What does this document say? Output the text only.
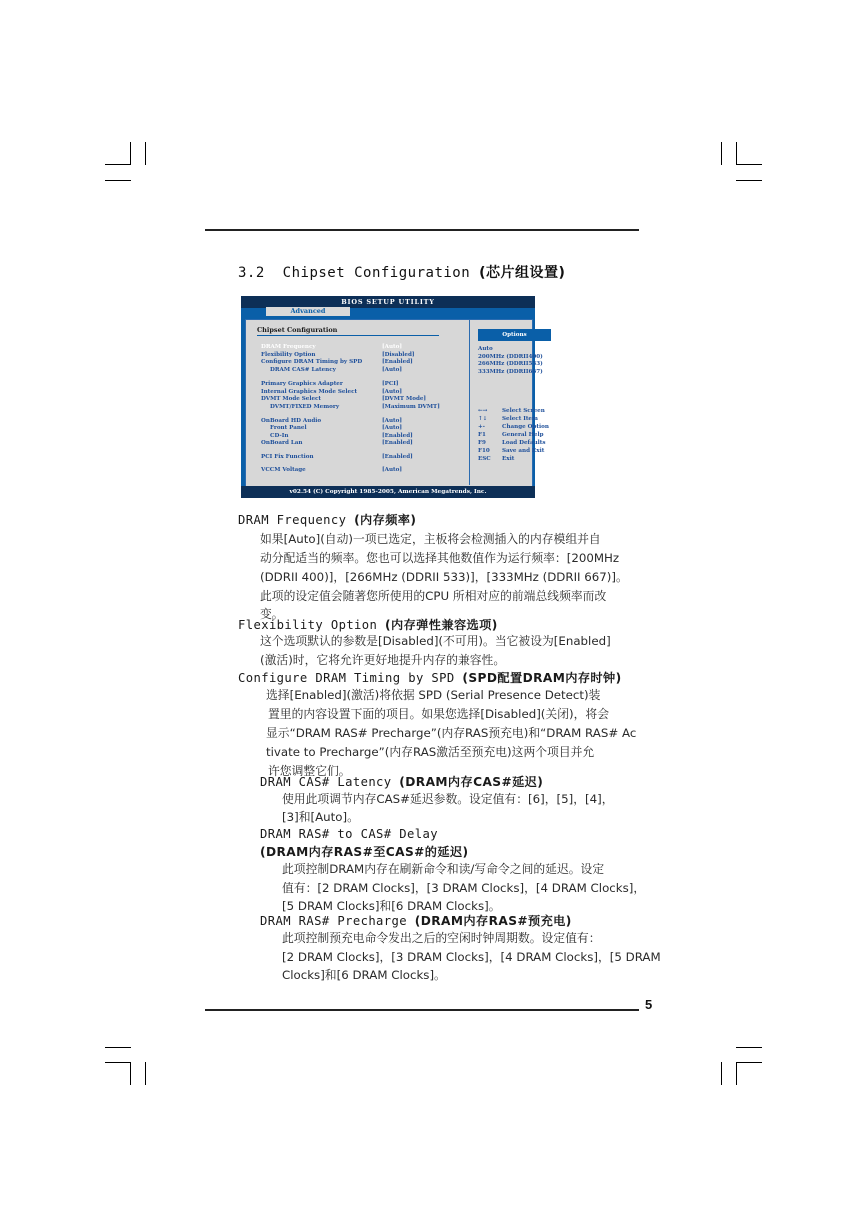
3.2 Chipset Configuration (芯片组设置)
BIOS SETUP UTILITY
Advanced
Chipset Configuration
DRAM Frequency	[Auto]
Flexibility Option	[Disabled]
Configure DRAM Timing by SPD	[Enabled]
DRAM CAS# Latency	[Auto]
Primary Graphics Adapter	[PCI]
Internal Graphics Mode Select	[Auto]
DVMT Mode Select	[DVMT Mode]
DVMT/FIXED Memory	[Maximum DVMT]
OnBoard HD Audio	[Auto]
Front Panel	[Auto]
CD-In	[Enabled]
OnBoard Lan	[Enabled]
PCI Fix Function	[Enabled]
VCCM Voltage	[Auto]
Options
Auto
200MHz (DDRII400)
266MHz (DDRII533)
333MHz (DDRII667)
←→	Select Screen
↑↓	Select Item
+-	Change Option
F1	General Help
F9	Load Defaults
F10 Save and Exit
ESC Exit
v02.54 (C) Copyright 1985-2005, American Megatrends, Inc.
DRAM Frequency (内存频率)
如果[Auto](自动)一项已选定，主板将会检测插入的内存模组并自
动分配适当的频率。您也可以选择其他数值作为运行频率：[200MHz
(DDRII 400)]，[266MHz (DDRII 533)]，[333MHz (DDRII 667)]。
此项的设定值会随著您所使用的CPU 所相对应的前端总线频率而改
变。
Flexibility Option (内存弹性兼容选项)
这个选项默认的参数是[Disabled](不可用)。当它被设为[Enabled]
(激活)时，它将允许更好地提升内存的兼容性。
Configure DRAM Timing by SPD (SPD配置DRAM内存时钟)
选择[Enabled](激活)将依据 SPD (Serial Presence Detect)装
置里的内容设置下面的项目。如果您选择[Disabled](关闭)，将会
显示“DRAM RAS# Precharge”(内存RAS预充电)和“DRAM RAS# Ac
tivate to Precharge”(内存RAS激活至预充电)这两个项目并允
许您调整它们。
DRAM CAS# Latency (DRAM内存CAS#延迟)
使用此项调节内存CAS#延迟参数。设定值有：[6]，[5]，[4]，
[3]和[Auto]。
DRAM RAS# to CAS# Delay
(DRAM内存RAS#至CAS#的延迟)
此项控制DRAM内存在刷新命令和读/写命令之间的延迟。设定
值有：[2 DRAM Clocks]，[3 DRAM Clocks]，[4 DRAM Clocks]，
[5 DRAM Clocks]和[6 DRAM Clocks]。
DRAM RAS# Precharge (DRAM内存RAS#预充电)
此项控制预充电命令发出之后的空闲时钟周期数。设定值有：
[2 DRAM Clocks]，[3 DRAM Clocks]，[4 DRAM Clocks]，[5 DRAM
Clocks]和[6 DRAM Clocks]。
5
